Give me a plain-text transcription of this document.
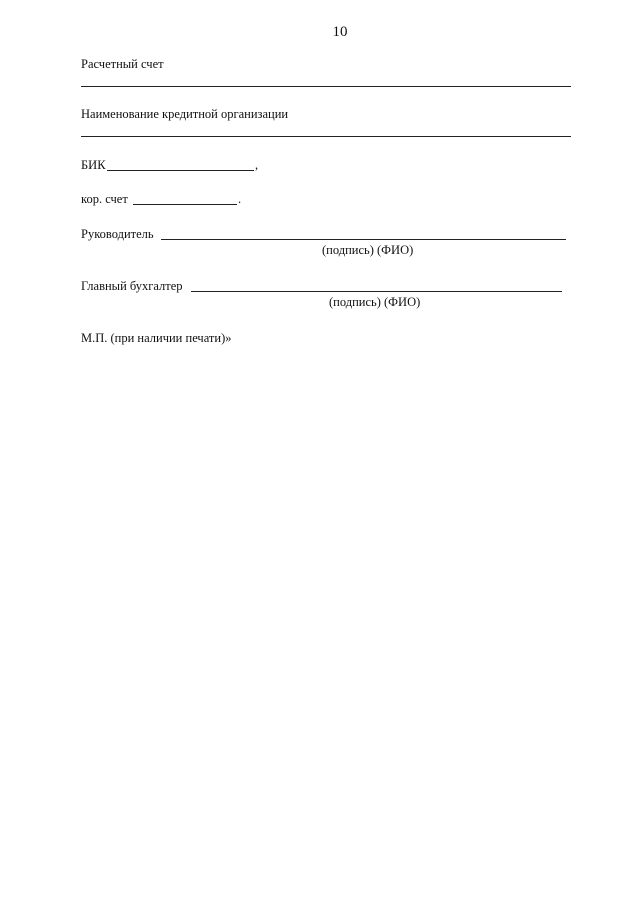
10
Расчетный счет
Наименование кредитной организации
БИК	,
кор. счет	.
Руководитель
(подпись) (ФИО)
Главный бухгалтер
(подпись) (ФИО)
М.П. (при наличии печати)»
